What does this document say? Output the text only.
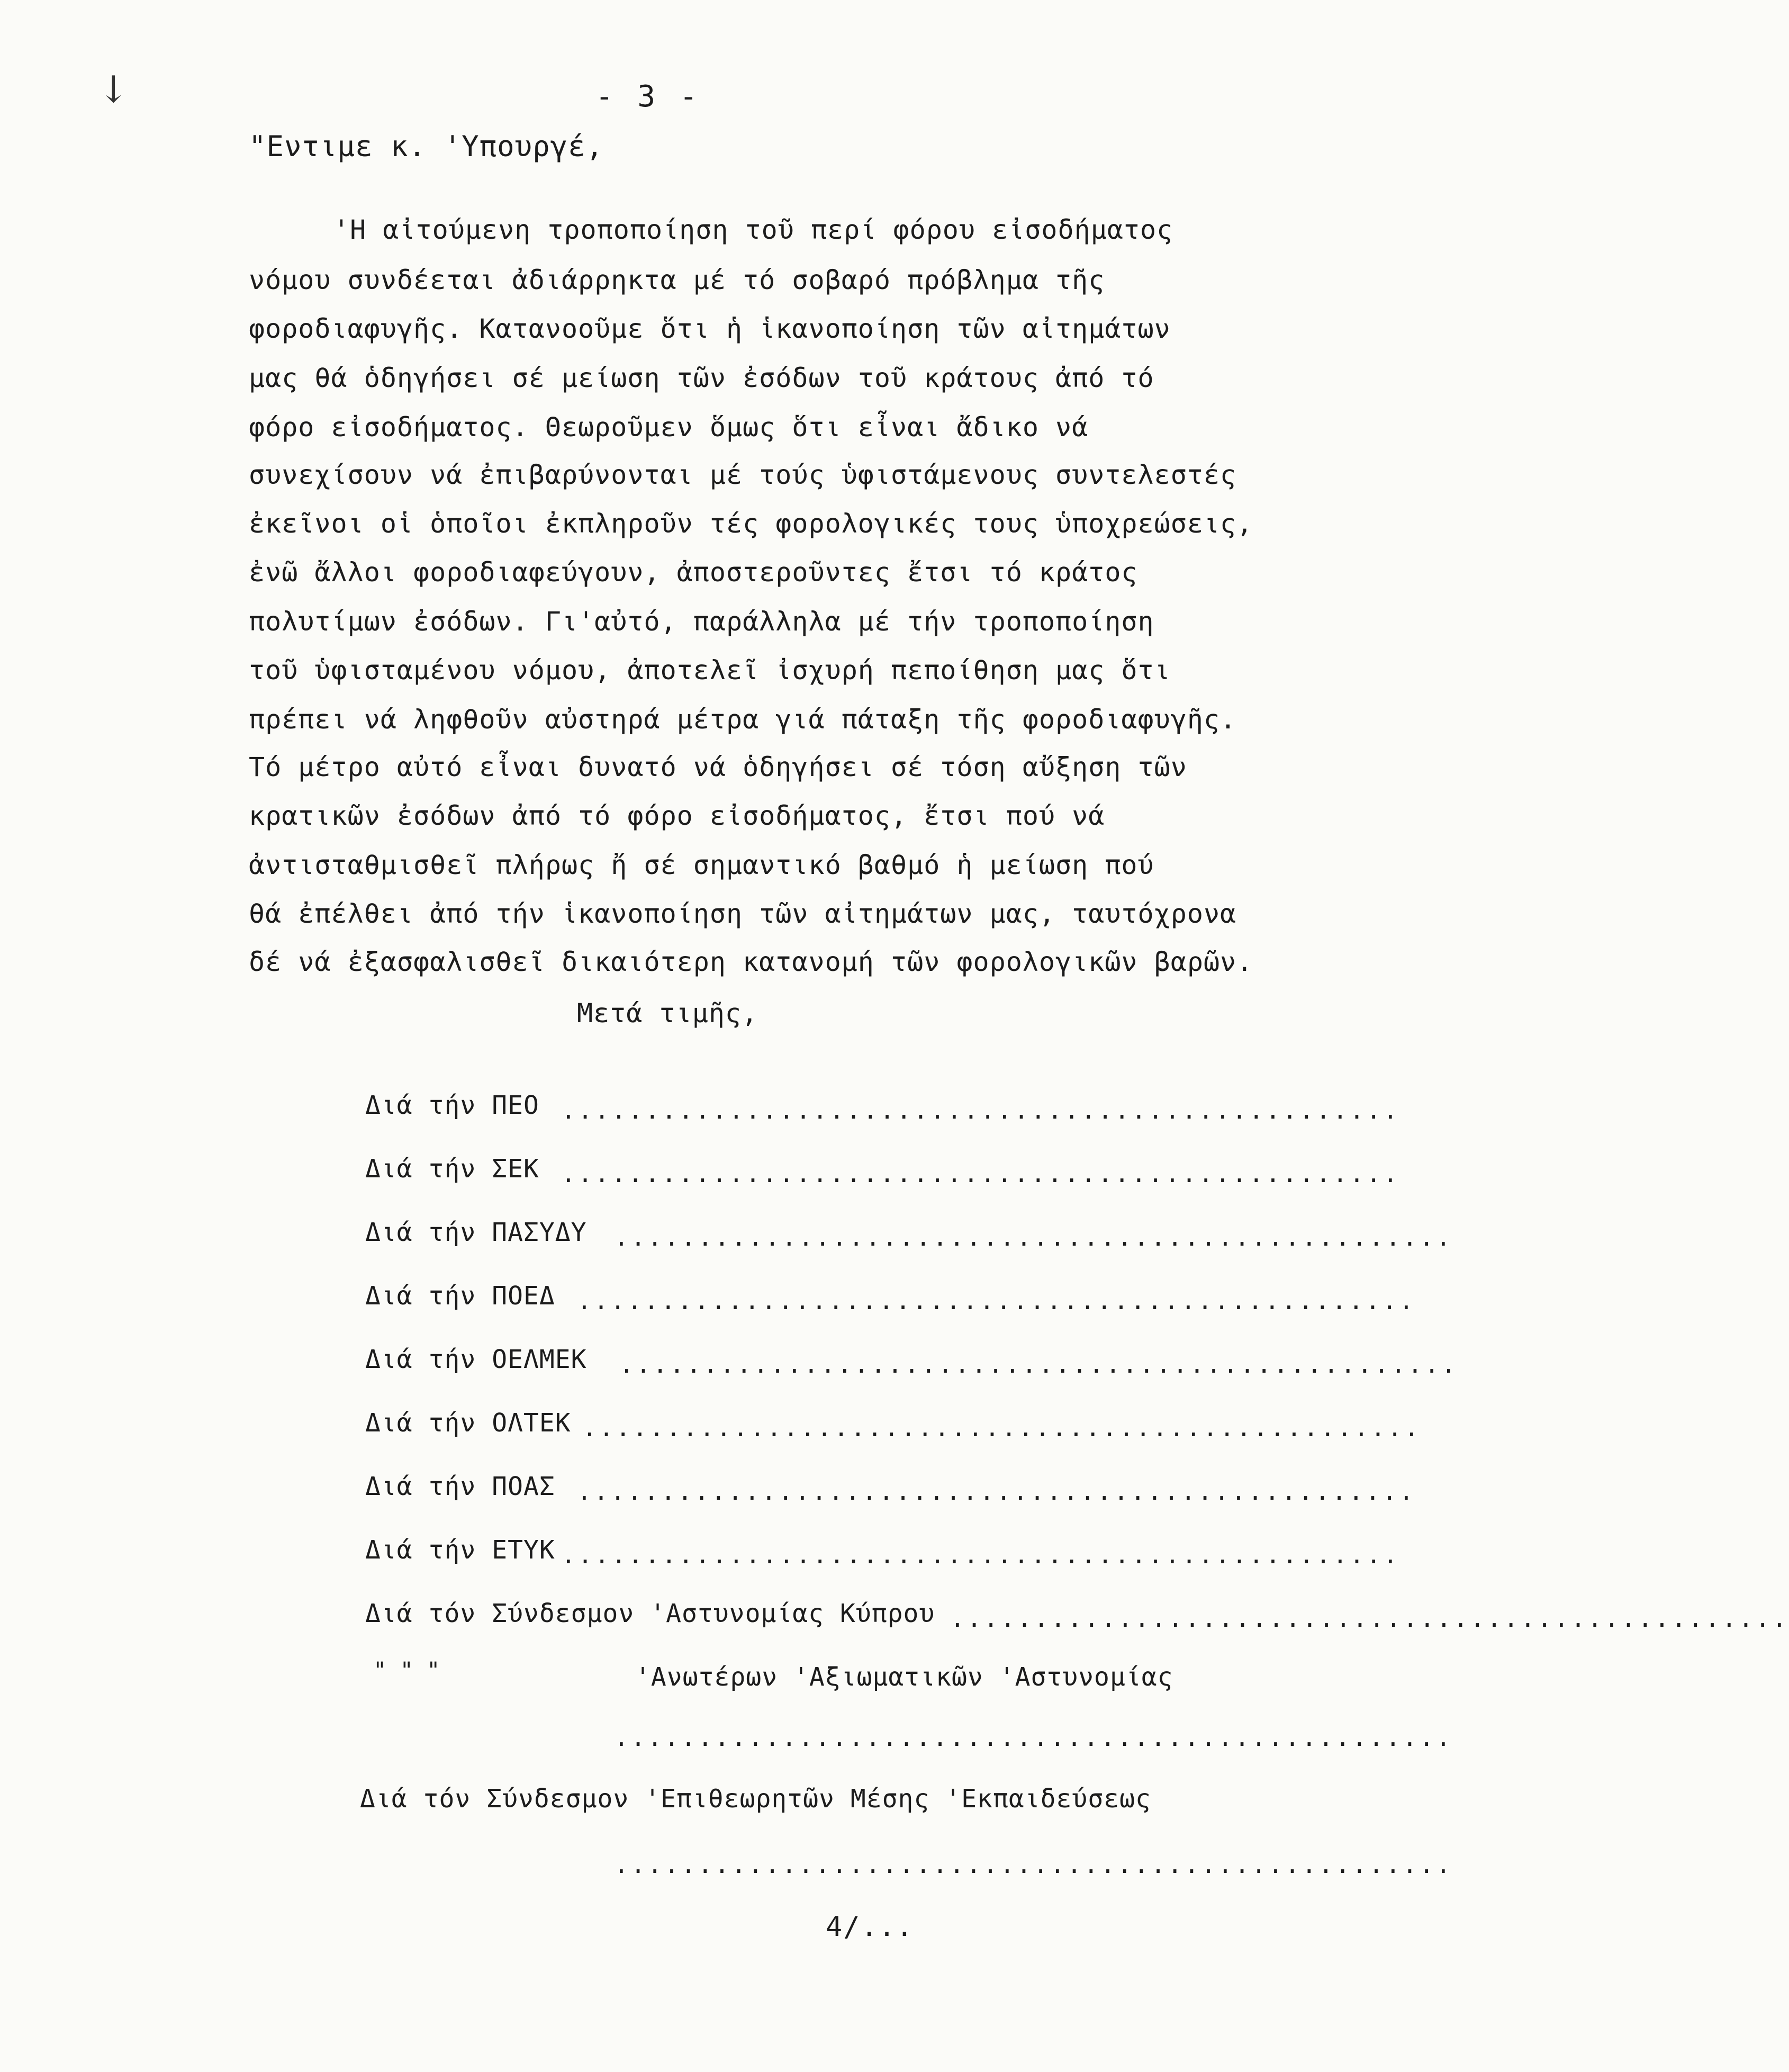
↓	- 3 -
"Εντιμε κ. 'Υπουργέ,
'Η αἰτούμενη τροποποίηση τοῦ περί φόρου εἰσοδήματος
νόμου συνδέεται ἀδιάρρηκτα μέ τό σοβαρό πρόβλημα τῆς
φοροδιαφυγῆς. Κατανοοῦμε ὅτι ἡ ἱκανοποίηση τῶν αἰτημάτων
μας θά ὁδηγήσει σέ μείωση τῶν ἐσόδων τοῦ κράτους ἀπό τό
φόρο εἰσοδήματος. Θεωροῦμεν ὅμως ὅτι εἶναι ἄδικο νά
συνεχίσουν νά ἐπιβαρύνονται μέ τούς ὑφιστάμενους συντελεστές
ἐκεῖνοι οἱ ὁποῖοι ἐκπληροῦν τές φορολογικές τους ὑποχρεώσεις,
ἐνῶ ἄλλοι φοροδιαφεύγουν, ἀποστεροῦντες ἔτσι τό κράτος
πολυτίμων ἐσόδων. Γι'αὐτό, παράλληλα μέ τήν τροποποίηση
τοῦ ὑφισταμένου νόμου, ἀποτελεῖ ἰσχυρή πεποίθηση μας ὅτι
πρέπει νά ληφθοῦν αὐστηρά μέτρα γιά πάταξη τῆς φοροδιαφυγῆς.
Τό μέτρο αὐτό εἶναι δυνατό νά ὁδηγήσει σέ τόση αὔξηση τῶν
κρατικῶν ἐσόδων ἀπό τό φόρο εἰσοδήματος, ἔτσι πού νά
ἀντισταθμισθεῖ πλήρως ἤ σέ σημαντικό βαθμό ἡ μείωση πού
θά ἐπέλθει ἀπό τήν ἱκανοποίηση τῶν αἰτημάτων μας, ταυτόχρονα
δέ νά ἐξασφαλισθεῖ δικαιότερη κατανομή τῶν φορολογικῶν βαρῶν.
Μετά τιμῆς,
Διά τήν ΠΕΟ ..................................................
Διά τήν ΣΕΚ ..................................................
Διά τήν ΠΑΣΥΔΥ ..................................................
Διά τήν ΠΟΕΔ ..................................................
Διά τήν ΟΕΛΜΕΚ ..................................................
Διά τήν ΟΛΤΕΚ ..................................................
Διά τήν ΠΟΑΣ ..................................................
Διά τήν ΕΤΥΚ ..................................................
Διά τόν Σύνδεσμον 'Αστυνομίας Κύπρου ..................................................
" " "	'Ανωτέρων 'Αξιωματικῶν 'Αστυνομίας
..................................................
Διά τόν Σύνδεσμον 'Επιθεωρητῶν Μέσης 'Εκπαιδεύσεως
..................................................
4/...
